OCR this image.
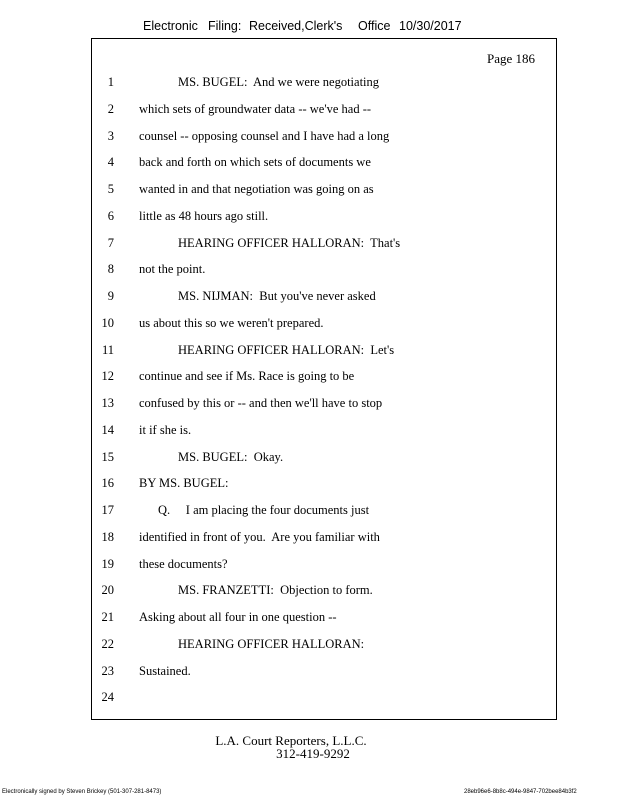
Electronic Filing: Received,Clerk's Office 10/30/2017
Page 186
1	MS. BUGEL:  And we were negotiating
2 which sets of groundwater data -- we've had --
3 counsel -- opposing counsel and I have had a long
4 back and forth on which sets of documents we
5 wanted in and that negotiation was going on as
6 little as 48 hours ago still.
7	HEARING OFFICER HALLORAN:  That's
8 not the point.
9	MS. NIJMAN:  But you've never asked
10 us about this so we weren't prepared.
11	HEARING OFFICER HALLORAN:  Let's
12 continue and see if Ms. Race is going to be
13 confused by this or -- and then we'll have to stop
14 it if she is.
15	MS. BUGEL:  Okay.
16 BY MS. BUGEL:
17	Q.     I am placing the four documents just
18 identified in front of you.  Are you familiar with
19 these documents?
20	MS. FRANZETTI:  Objection to form.
21 Asking about all four in one question --
22	HEARING OFFICER HALLORAN:
23 Sustained.
24
L.A. Court Reporters, L.L.C.
312-419-9292
Electronically signed by Steven Brickey (501-307-281-8473)	28eb96e6-8b8c-494e-9847-702bee84b3f2
